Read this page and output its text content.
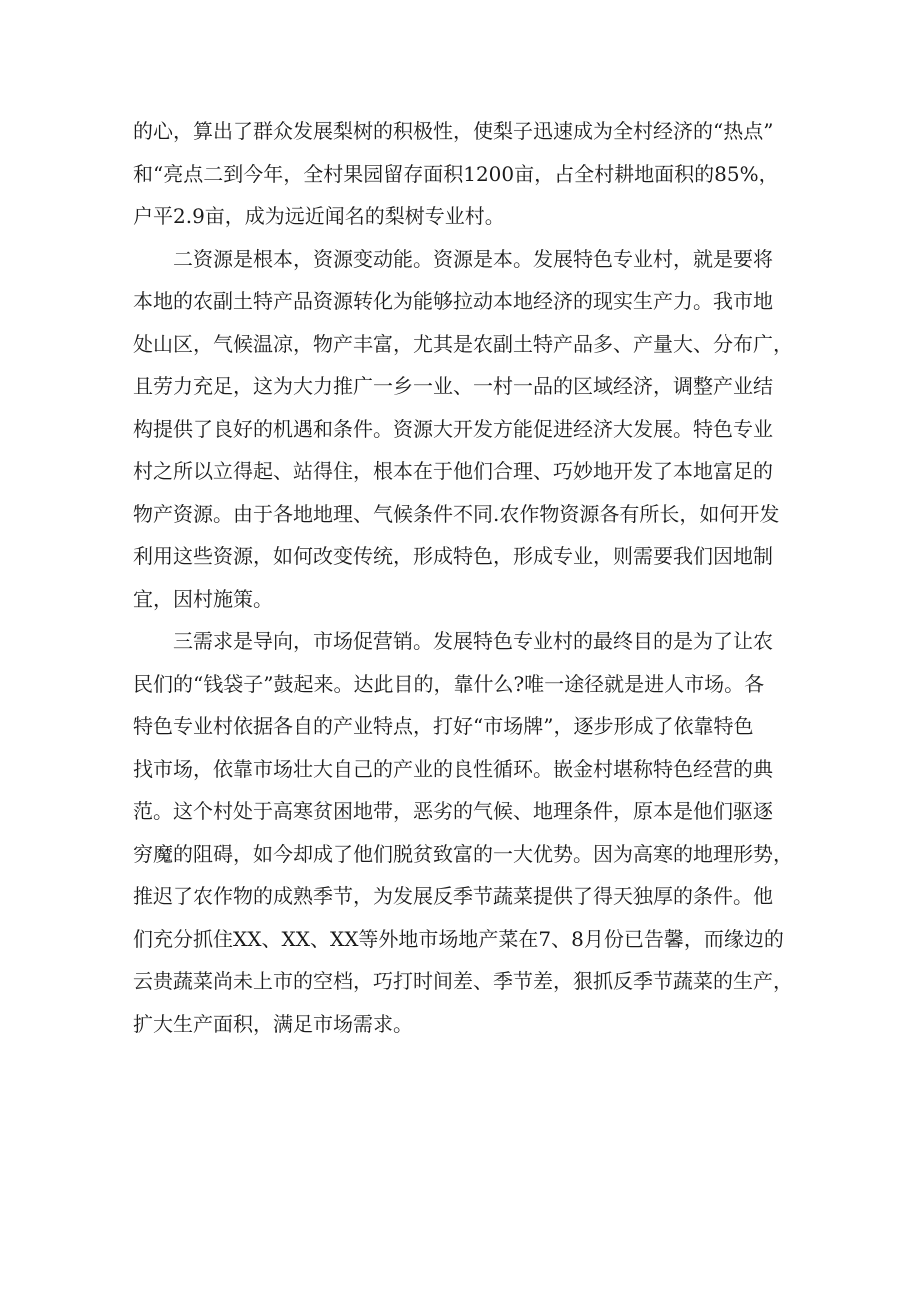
的心，算出了群众发展梨树的积极性，使梨子迅速成为全村经济的“热点”
和“亮点二到今年，全村果园留存面积1200亩，占全村耕地面积的85%，
户平2.9亩，成为远近闻名的梨树专业村。
　　二资源是根本，资源变动能。资源是本。发展特色专业村，就是要将
本地的农副土特产品资源转化为能够拉动本地经济的现实生产力。我市地
处山区，气候温凉，物产丰富，尤其是农副土特产品多、产量大、分布广，
且劳力充足，这为大力推广一乡一业、一村一品的区域经济，调整产业结
构提供了良好的机遇和条件。资源大开发方能促进经济大发展。特色专业
村之所以立得起、站得住，根本在于他们合理、巧妙地开发了本地富足的
物产资源。由于各地地理、气候条件不同.农作物资源各有所长，如何开发
利用这些资源，如何改变传统，形成特色，形成专业，则需要我们因地制
宜，因村施策。
　　三需求是导向，市场促营销。发展特色专业村的最终目的是为了让农
民们的“钱袋子”鼓起来。达此目的，靠什么?唯一途径就是进人市场。各
特色专业村依据各自的产业特点，打好“市场牌”，逐步形成了依靠特色
找市场，依靠市场壮大自己的产业的良性循环。嵌金村堪称特色经营的典
范。这个村处于高寒贫困地带，恶劣的气候、地理条件，原本是他们驱逐
穷魔的阻碍，如今却成了他们脱贫致富的一大优势。因为高寒的地理形势，
推迟了农作物的成熟季节，为发展反季节蔬菜提供了得天独厚的条件。他
们充分抓住XX、XX、XX等外地市场地产菜在7、8月份已告馨，而缘边的
云贵蔬菜尚未上市的空档，巧打时间差、季节差，狠抓反季节蔬菜的生产，
扩大生产面积，满足市场需求。
